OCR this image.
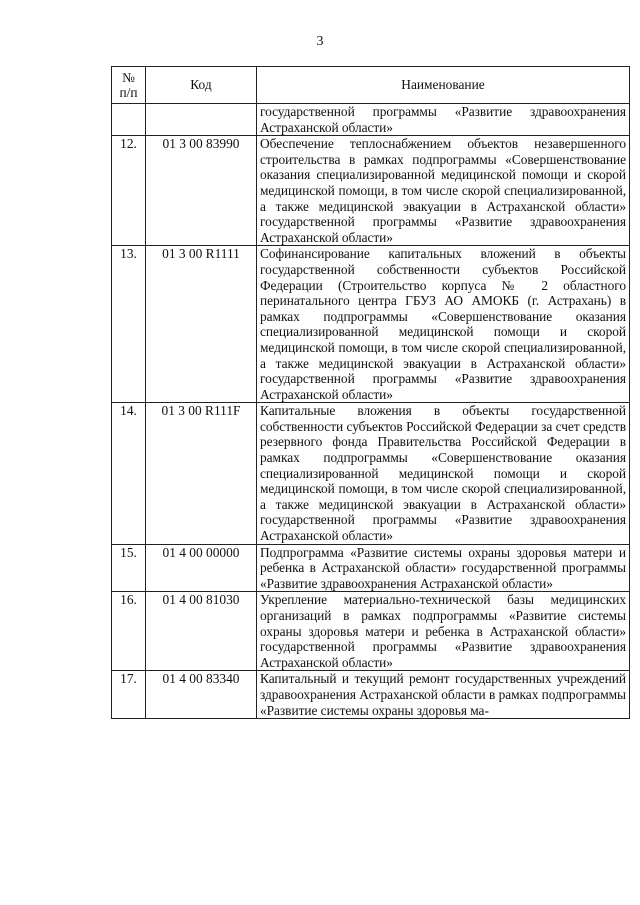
3
№
п/п	Код	Наименование
		государственной программы «Развитие здравоохранения Астраханской области»
12.	01 3 00 83990	Обеспечение теплоснабжением объектов незавершенного строительства в рамках подпрограммы «Совершенствование оказания специализированной медицинской помощи и скорой медицинской помощи, в том числе скорой специализированной, а также медицинской эвакуации в Астраханской области» государственной программы «Развитие здравоохранения Астраханской области»
13.	01 3 00 R1111	Софинансирование капитальных вложений в объекты государственной собственности субъектов Российской Федерации (Строительство корпуса № 2 областного перинатального центра ГБУЗ АО АМОКБ (г. Астрахань) в рамках подпрограммы «Совершенствование оказания специализированной медицинской помощи и скорой медицинской помощи, в том числе скорой специализированной, а также медицинской эвакуации в Астраханской области» государственной программы «Развитие здравоохранения Астраханской области»
14.	01 3 00 R111F	Капитальные вложения в объекты государственной собственности субъектов Российской Федерации за счет средств резервного фонда Правительства Российской Федерации в рамках подпрограммы «Совершенствование оказания специализированной медицинской помощи и скорой медицинской помощи, в том числе скорой специализированной, а также медицинской эвакуации в Астраханской области» государственной программы «Развитие здравоохранения Астраханской области»
15.	01 4 00 00000	Подпрограмма «Развитие системы охраны здоровья матери и ребенка в Астраханской области» государственной программы «Развитие здравоохранения Астраханской области»
16.	01 4 00 81030	Укрепление материально-технической базы медицинских организаций в рамках подпрограммы «Развитие системы охраны здоровья матери и ребенка в Астраханской области» государственной программы «Развитие здравоохранения Астраханской области»
17.	01 4 00 83340	Капитальный и текущий ремонт государственных учреждений здравоохранения Астраханской области в рамках подпрограммы «Развитие системы охраны здоровья ма-
